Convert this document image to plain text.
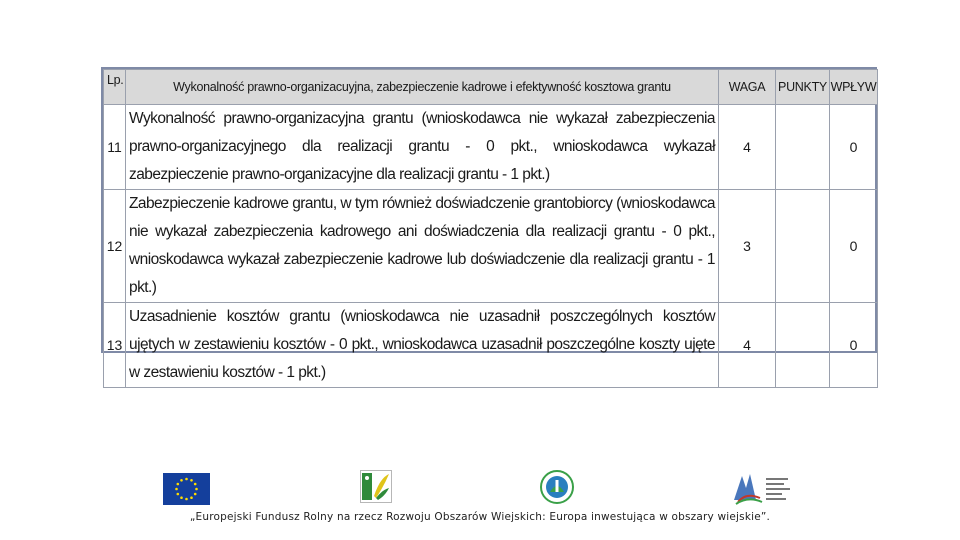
Lp.	Wykonalność prawno-organizacuyjna, zabezpieczenie kadrowe i efektywność kosztowa grantu	WAGA	PUNKTY	WPŁYW
11	Wykonalność prawno-organizacyjna grantu (wnioskodawca nie wykazał zabezpieczenia prawno-organizacyjnego dla realizacji grantu - 0 pkt., wnioskodawca wykazał zabezpieczenie prawno-organizacyjne dla realizacji grantu - 1 pkt.)	4		0
12	Zabezpieczenie kadrowe grantu, w tym również doświadczenie grantobiorcy (wnioskodawca nie wykazał zabezpieczenia kadrowego ani doświadczenia dla realizacji grantu - 0 pkt., wnioskodawca wykazał zabezpieczenie kadrowe lub doświadczenie dla realizacji grantu - 1 pkt.)	3		0
13	Uzasadnienie kosztów grantu (wnioskodawca nie uzasadnił poszczególnych kosztów ujętych w zestawieniu kosztów - 0 pkt., wnioskodawca uzasadnił poszczególne koszty ujęte w zestawieniu kosztów - 1 pkt.)	4		0
„Europejski Fundusz Rolny na rzecz Rozwoju Obszarów Wiejskich: Europa inwestująca w obszary wiejskie”.
